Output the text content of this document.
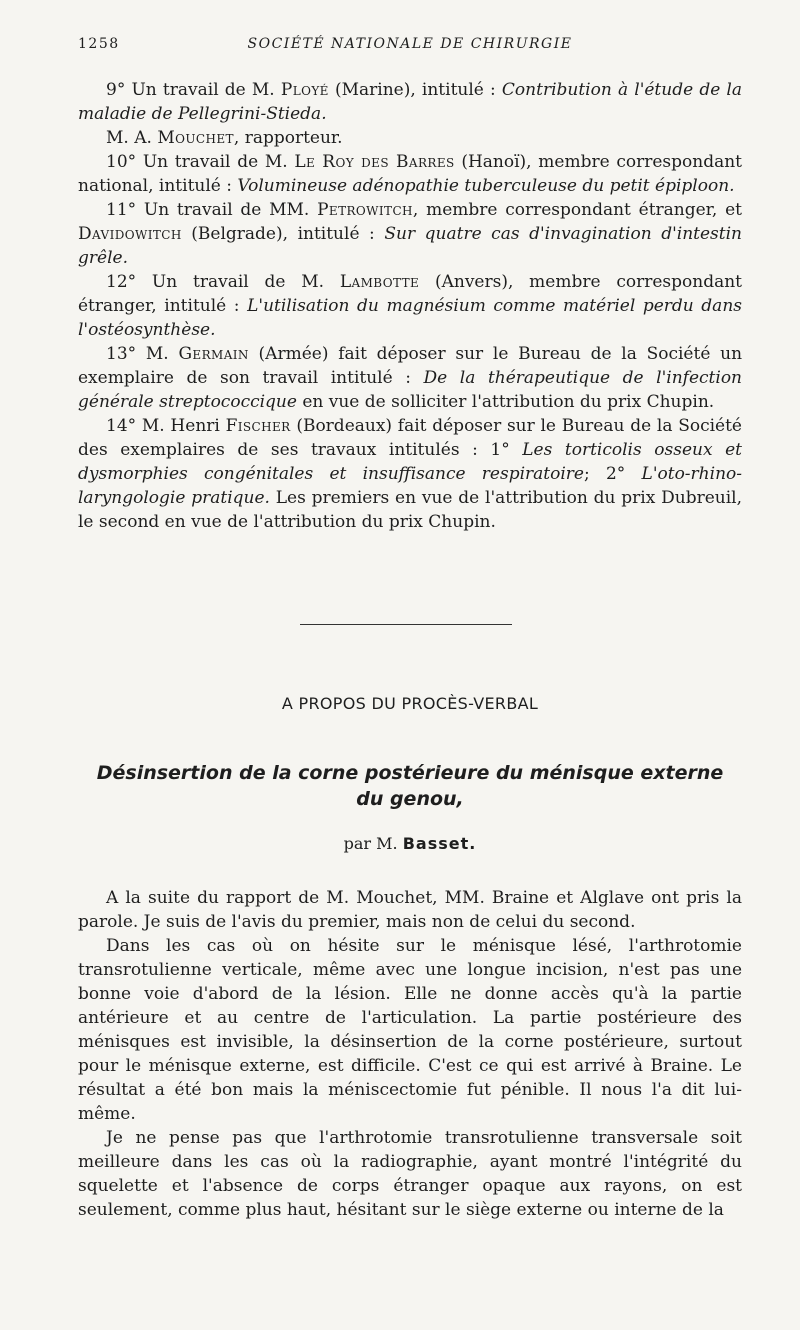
1258	SOCIÉTÉ NATIONALE DE CHIRURGIE

9° Un travail de M. Ployé (Marine), intitulé : Contribution à l'étude de la maladie de Pellegrini-Stieda.

M. A. Mouchet, rapporteur.

10° Un travail de M. Le Roy des Barres (Hanoï), membre correspondant national, intitulé : Volumineuse adénopathie tuberculeuse du petit épiploon.

11° Un travail de MM. Petrowitch, membre correspondant étranger, et Davidowitch (Belgrade), intitulé : Sur quatre cas d'invagination d'intestin grêle.

12° Un travail de M. Lambotte (Anvers), membre correspondant étranger, intitulé : L'utilisation du magnésium comme matériel perdu dans l'ostéosynthèse.

13° M. Germain (Armée) fait déposer sur le Bureau de la Société un exemplaire de son travail intitulé : De la thérapeutique de l'infection générale streptococcique en vue de solliciter l'attribution du prix Chupin.

14° M. Henri Fischer (Bordeaux) fait déposer sur le Bureau de la Société des exemplaires de ses travaux intitulés : 1° Les torticolis osseux et dysmorphies congénitales et insuffisance respiratoire; 2° L'oto-rhino-laryngologie pratique. Les premiers en vue de l'attribution du prix Dubreuil, le second en vue de l'attribution du prix Chupin.

A PROPOS DU PROCÈS-VERBAL
Désinsertion de la corne postérieure du ménisque externe
du genou,
par M. Basset.

A la suite du rapport de M. Mouchet, MM. Braine et Alglave ont pris la parole. Je suis de l'avis du premier, mais non de celui du second.

Dans les cas où on hésite sur le ménisque lésé, l'arthrotomie transrotulienne verticale, même avec une longue incision, n'est pas une bonne voie d'abord de la lésion. Elle ne donne accès qu'à la partie antérieure et au centre de l'articulation. La partie postérieure des ménisques est invisible, la désinsertion de la corne postérieure, surtout pour le ménisque externe, est difficile. C'est ce qui est arrivé à Braine. Le résultat a été bon mais la méniscectomie fut pénible. Il nous l'a dit lui-même.

Je ne pense pas que l'arthrotomie transrotulienne transversale soit meilleure dans les cas où la radiographie, ayant montré l'intégrité du squelette et l'absence de corps étranger opaque aux rayons, on est seulement, comme plus haut, hésitant sur le siège externe ou interne de la
